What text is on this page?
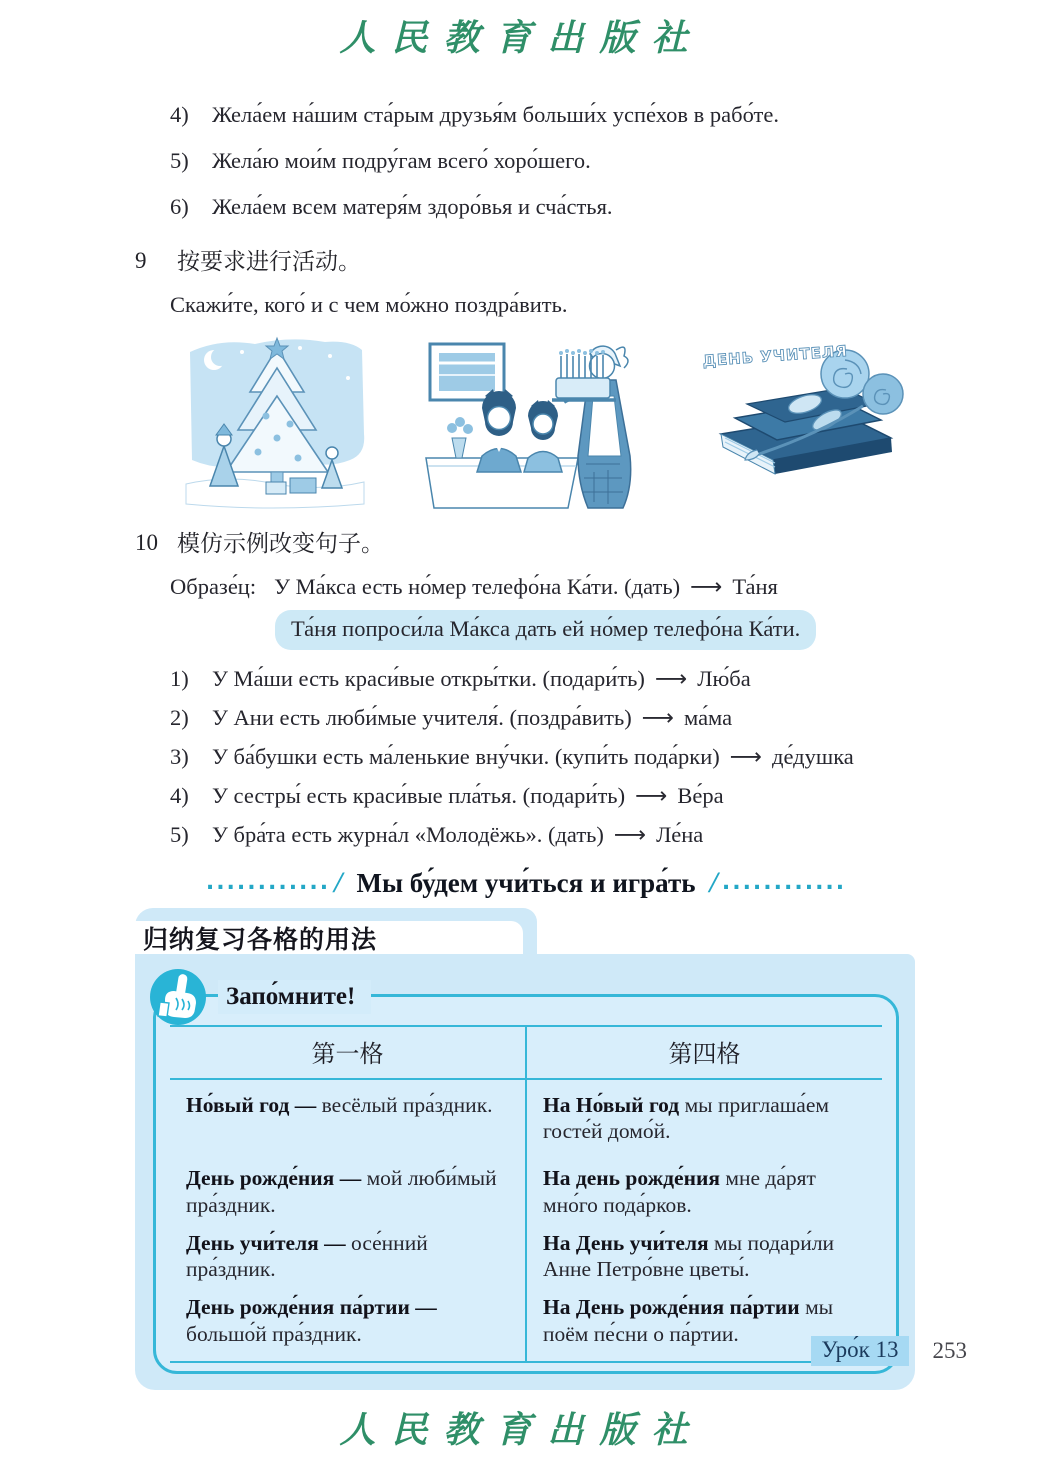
人民教育出版社
4)	Жела́ем на́шим ста́рым друзья́м больши́х успе́хов в рабо́те.
5)	Жела́ю мои́м подру́гам всего́ хоро́шего.
6)	Жела́ем всем матеря́м здоро́вья и сча́стья.
9	按要求进行活动。
Скажи́те, кого́ и с чем мо́жно поздра́вить.
ДЕНЬ УЧИТЕЛЯ
10 模仿示例改变句子。
Образе́ц: У Ма́кса есть но́мер телефо́на Ка́ти. (дать) ⟶ Та́ня
Та́ня попроси́ла Ма́кса дать ей но́мер телефо́на Ка́ти.
1)	У Ма́ши есть краси́вые откры́тки. (подари́ть) ⟶ Лю́ба
2)	У Ани есть люби́мые учителя́. (поздра́вить) ⟶ ма́ма
3)	У ба́бушки есть ма́ленькие вну́чки. (купи́ть пода́рки) ⟶ де́душка
4)	У сестры́ есть краси́вые пла́тья. (подари́ть) ⟶ Ве́ра
5)	У бра́та есть журна́л «Молодёжь». (дать) ⟶ Ле́на
............ / Мы бу́дем учи́ться и игра́ть / ............
归纳复习各格的用法
Запо́мните!
第一格	第四格
Но́вый год — весёлый пра́здник.	На Но́вый год мы приглаша́ем госте́й домо́й.
День рожде́ния — мой люби́мый пра́здник.	На день рожде́ния мне да́рят мно́го пода́рков.
День учи́теля — осе́нний пра́здник.	На День учи́теля мы подари́ли Анне Петро́вне цветы́.
День рожде́ния па́ртии — большо́й пра́здник.	На День рожде́ния па́ртии мы поём пе́сни о па́ртии.
Уро́к 13	253
人民教育出版社
